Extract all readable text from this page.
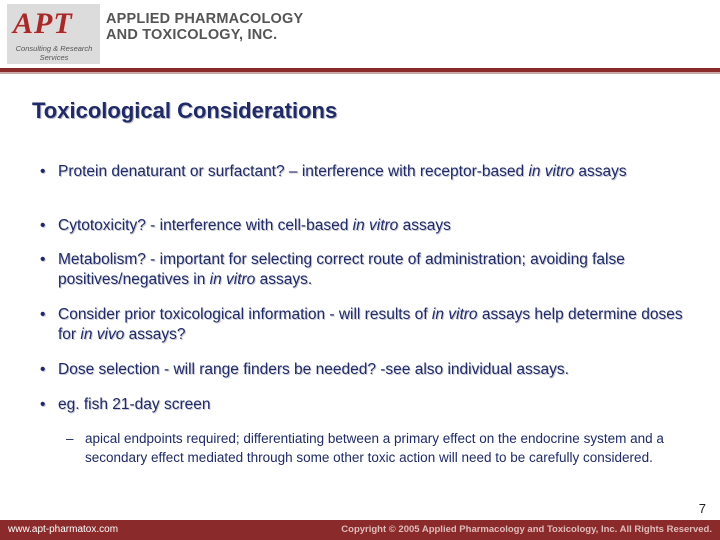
APT
Consulting & Research
Services
APPLIED PHARMACOLOGY
AND TOXICOLOGY, INC.
Toxicological Considerations
• Protein denaturant or surfactant? – interference with receptor-based in vitro assays
• Cytotoxicity? - interference with cell-based in vitro assays
• Metabolism? - important for selecting correct route of administration; avoiding false positives/negatives in in vitro assays.
• Consider prior toxicological information - will results of in vitro assays help determine doses for in vivo assays?
• Dose selection - will range finders be needed? -see also individual assays.
• eg. fish 21-day screen
– apical endpoints required; differentiating between a primary effect on the endocrine system and a secondary effect mediated through some other toxic action will need to be carefully considered.
7
www.apt-pharmatox.com	Copyright © 2005 Applied Pharmacology and Toxicology, Inc. All Rights Reserved.
